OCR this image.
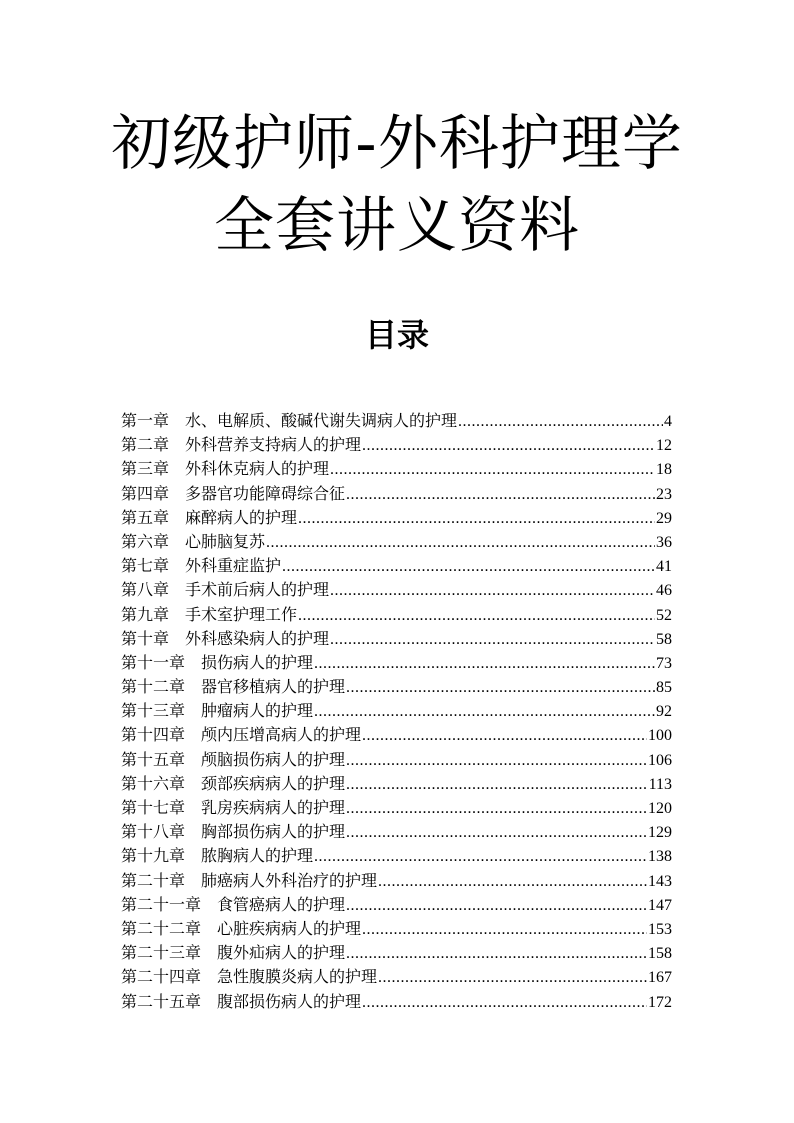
初级护师-外科护理学
全套讲义资料
目录
第一章 水、电解质、酸碱代谢失调病人的护理 .....	4
第二章 外科营养支持病人的护理 .....	12
第三章 外科休克病人的护理 .....	18
第四章 多器官功能障碍综合征 .....	23
第五章 麻醉病人的护理 .....	29
第六章 心肺脑复苏 .....	36
第七章 外科重症监护 .....	41
第八章 手术前后病人的护理 .....	46
第九章 手术室护理工作 .....	52
第十章 外科感染病人的护理 .....	58
第十一章 损伤病人的护理 .....	73
第十二章 器官移植病人的护理 .....	85
第十三章 肿瘤病人的护理 .....	92
第十四章 颅内压增高病人的护理 .....	100
第十五章 颅脑损伤病人的护理 .....	106
第十六章 颈部疾病病人的护理 .....	113
第十七章 乳房疾病病人的护理 .....	120
第十八章 胸部损伤病人的护理 .....	129
第十九章 脓胸病人的护理 .....	138
第二十章 肺癌病人外科治疗的护理 .....	143
第二十一章 食管癌病人的护理 .....	147
第二十二章 心脏疾病病人的护理 .....	153
第二十三章 腹外疝病人的护理 .....	158
第二十四章 急性腹膜炎病人的护理 .....	167
第二十五章 腹部损伤病人的护理 .....	172
